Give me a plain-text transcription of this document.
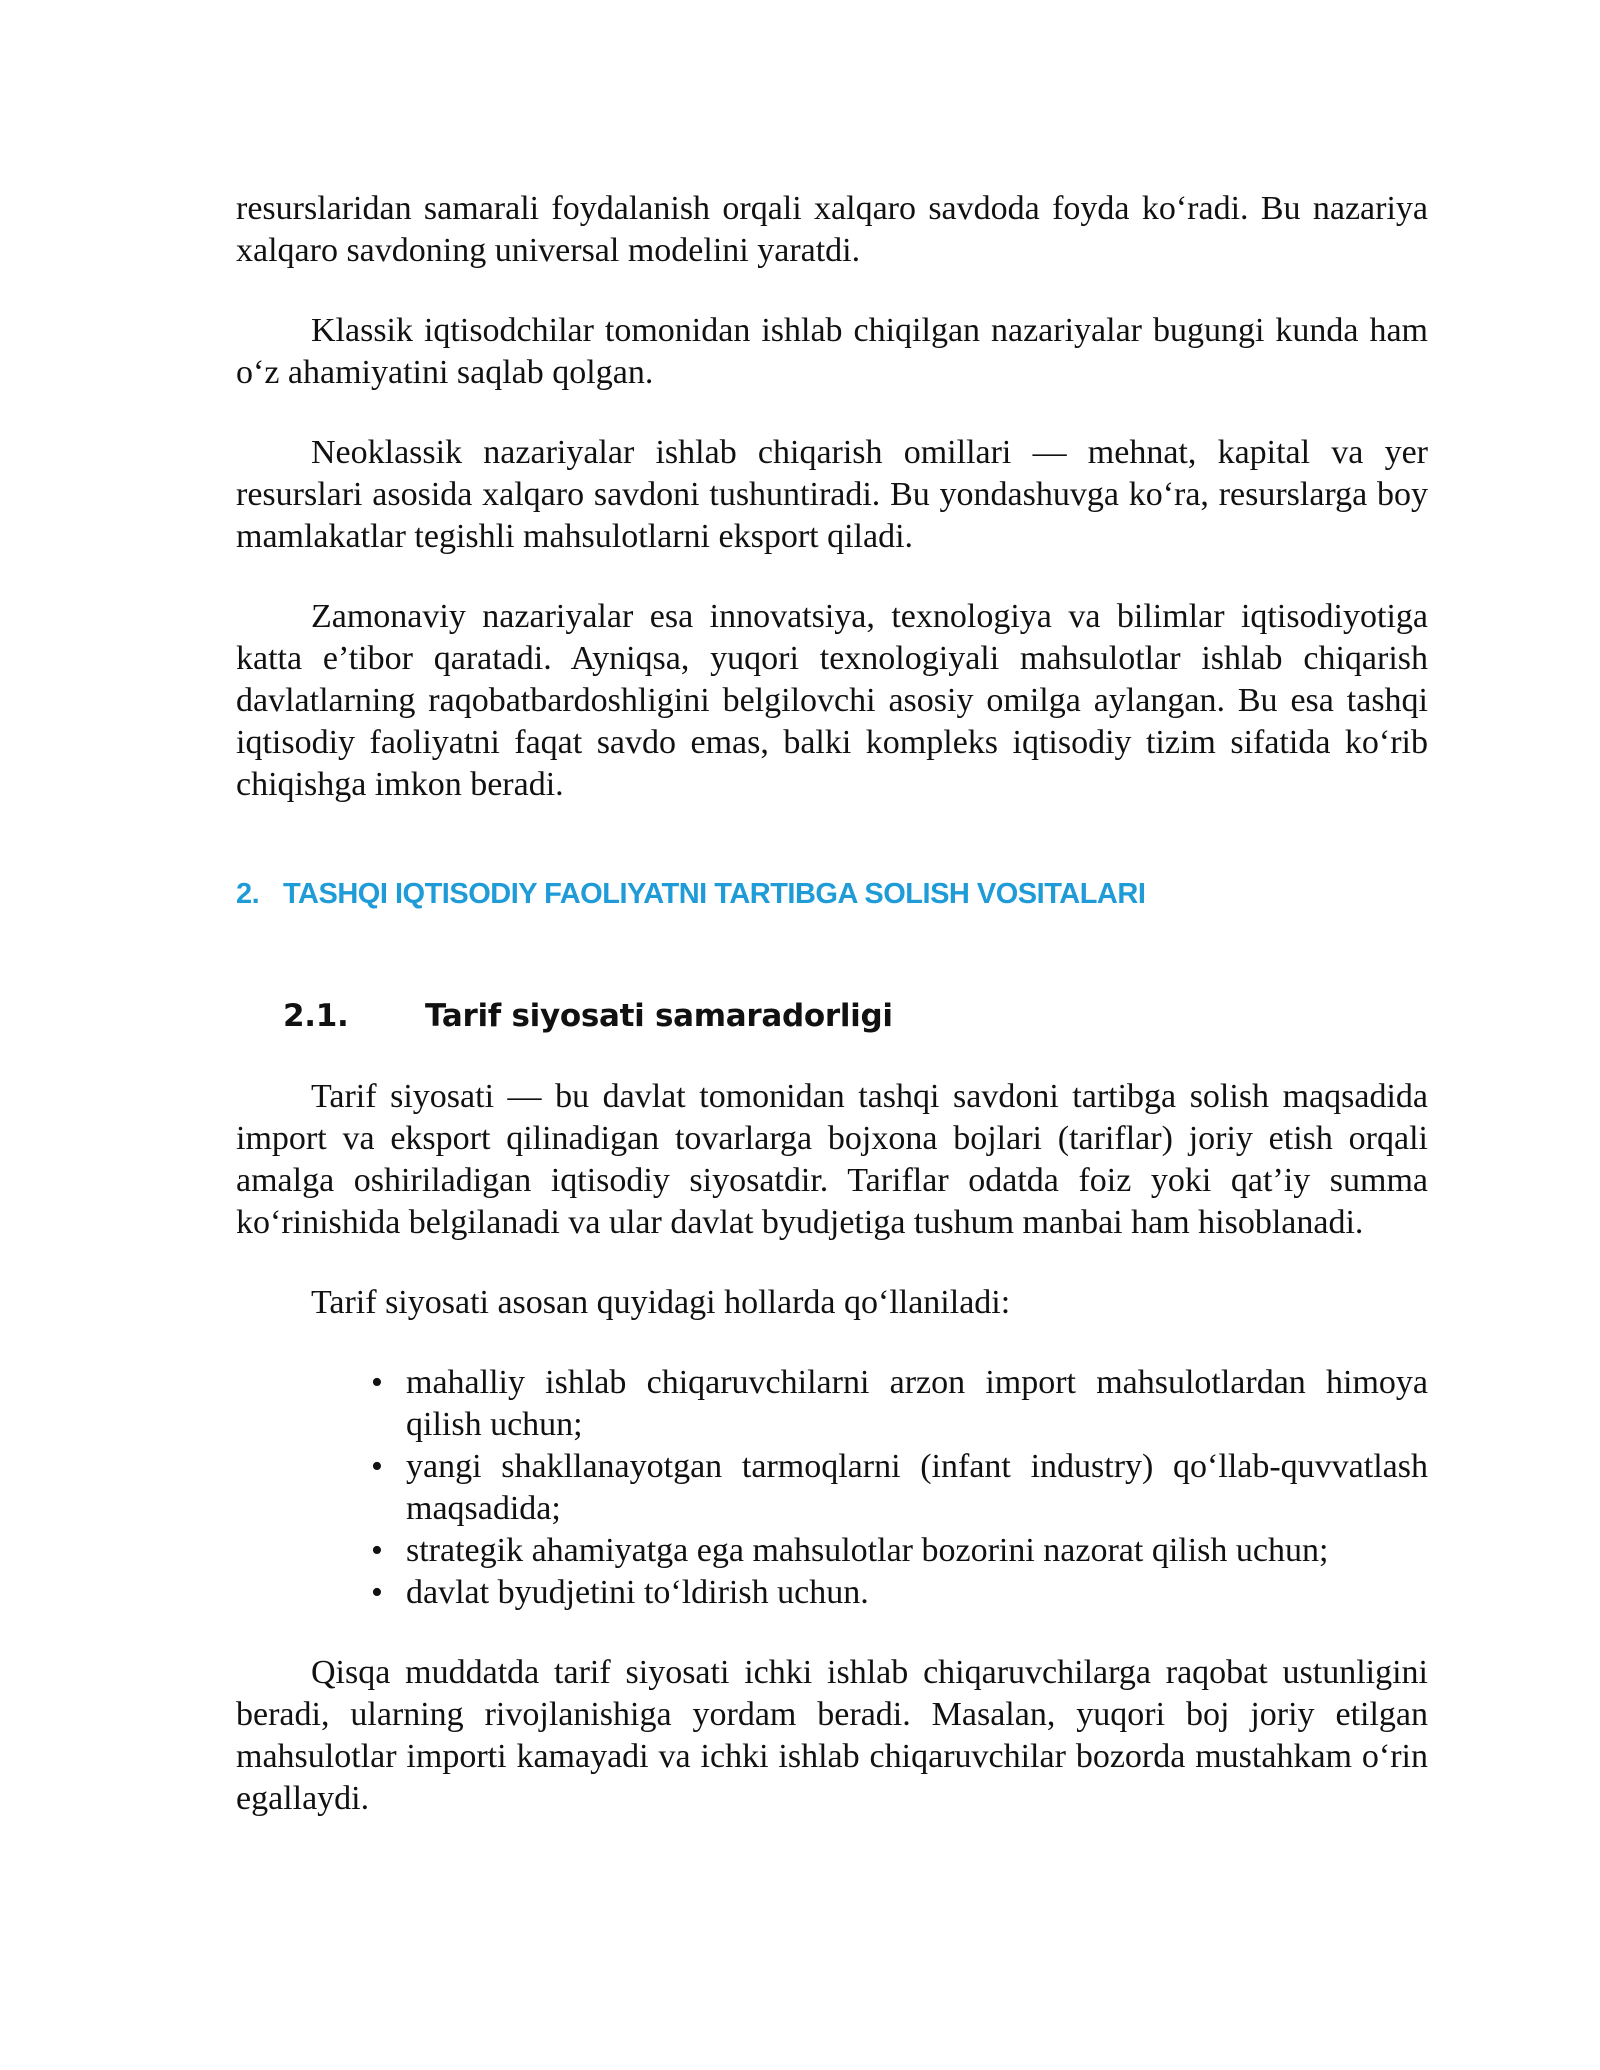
resurslaridan samarali foydalanish orqali xalqaro savdoda foyda ko‘radi. Bu nazariya xalqaro savdoning universal modelini yaratdi.

Klassik iqtisodchilar tomonidan ishlab chiqilgan nazariyalar bugungi kunda ham o‘z ahamiyatini saqlab qolgan.

Neoklassik nazariyalar ishlab chiqarish omillari — mehnat, kapital va yer resurslari asosida xalqaro savdoni tushuntiradi. Bu yondashuvga ko‘ra, resurslarga boy mamlakatlar tegishli mahsulotlarni eksport qiladi.

Zamonaviy nazariyalar esa innovatsiya, texnologiya va bilimlar iqtisodiyotiga katta e’tibor qaratadi. Ayniqsa, yuqori texnologiyali mahsulotlar ishlab chiqarish davlatlarning raqobatbardoshligini belgilovchi asosiy omilga aylangan. Bu esa tashqi iqtisodiy faoliyatni faqat savdo emas, balki kompleks iqtisodiy tizim sifatida ko‘rib chiqishga imkon beradi.

2. TASHQI IQTISODIY FAOLIYATNI TARTIBGA SOLISH VOSITALARI
2.1. Tarif siyosati samaradorligi

Tarif siyosati — bu davlat tomonidan tashqi savdoni tartibga solish maqsadida import va eksport qilinadigan tovarlarga bojxona bojlari (tariflar) joriy etish orqali amalga oshiriladigan iqtisodiy siyosatdir. Tariflar odatda foiz yoki qat’iy summa ko‘rinishida belgilanadi va ular davlat byudjetiga tushum manbai ham hisoblanadi.

Tarif siyosati asosan quyidagi hollarda qo‘llaniladi:

• mahalliy ishlab chiqaruvchilarni arzon import mahsulotlardan himoya qilish uchun;
• yangi shakllanayotgan tarmoqlarni (infant industry) qo‘llab-quvvatlash maqsadida;
• strategik ahamiyatga ega mahsulotlar bozorini nazorat qilish uchun;
• davlat byudjetini to‘ldirish uchun.

Qisqa muddatda tarif siyosati ichki ishlab chiqaruvchilarga raqobat ustunligini beradi, ularning rivojlanishiga yordam beradi. Masalan, yuqori boj joriy etilgan mahsulotlar importi kamayadi va ichki ishlab chiqaruvchilar bozorda mustahkam o‘rin egallaydi.
